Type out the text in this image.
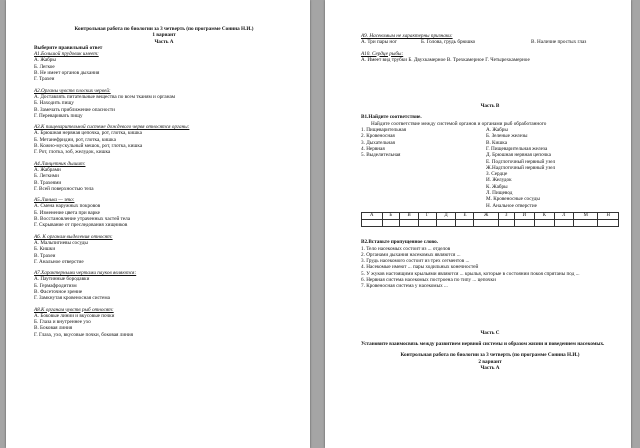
Контрольная работа по биологии за 3 четверть (по программе Сонина Н.И.)
1 вариант
Часть А
Выберите правильный ответ
А1.Большой прудовик имеет:
А. Жабры
Б. Легкое
В. Не имеет органов дыхания
Г. Трахеи
А2.Органы чувств плоских червей:
А. Доставлять питательные вещества по всем тканям и органам
Б. Находить пищу
В. Замечать приближение опасности
Г. Переваривать пищу
А3.К пищеварительной системе дождевого червя относятся органы:
А. Брюшная нервная цепочка, рот, глотка, кишка
Б. Метанефридии, рот, глотка, кишка
В. Кожно-мускульный мешок, рот, глотка, кишка
Г. Рот, глотка, зоб, желудок, кишка
А4.Ланцетник дышит:
А. Жабрами
Б. Легкими
В. Трахеями
Г. Всей поверхностью тела
А5.Линька — это:
А. Смена наружных покровов
Б. Изменение цвета при варке
В. Восстановление утраченных частей тела
Г. Скрывание от преследования хищников
А6. К органам выделения относят:
А. Мальпигиевы сосуды
Б. Кишки
В. Трахеи
Г. Анальное отверстие
А7.Характерными чертами пауков являются:
А. Паутинные бородавки
Б. Гермафродитизм
В. Фасеточное зрение
Г. Замкнутая кровеносная система
А8.К органам чувств рыб относят:
А. Боковые линии и вкусовые почки
Б. Глаза и внутреннее ухо
В. Боковая линия
Г. Глаза, ухо, вкусовые почки, боковая линия
А9. Насекомым не характерны признаки:
А. Три пары ног	Б. Голова, грудь брюшко	В. Наличие простых глаз
А10. Сердце рыбы:
А. Имеет вид трубки Б. Двухкамерное В. Трехкамерное Г. Четырехкамерное
Часть В
В1.Найдите соответствие.
Найдите соответствие между системой органов и органами рыб обработанного
1. Пищеварительная
2. Кровеносная
3. Дыхательная
4. Нервная
5. Выделительная
А. Жабры
Б. Зеленые железы
В. Кишка
Г. Пищеварительная железа
Д. Брюшная нервная цепочка
Е. Подглоточный нервный узел
Ж.Надглоточный нервный узел
З. Сердце
И. Желудок
К. Жабры
Л. Пищевод
М. Кровеносные сосуды
Н. Анальное отверстие
А	Б	В	Г	Д	Е	Ж	З	И	К	Л	М	Н

В2.Вставьте пропущенное слово.
1. Тело насекомых состоит из ... отделов
2. Органами дыхания насекомых являются ...
3. Грудь насекомого состоит из трех сегментов ...
4. Насекомые имеют ... пары ходильных конечностей
5. У жуков настоящими крыльями являются ... крылья, которые в состоянии покоя спрятаны под ...
6. Нервная система насекомых построена по типу ... цепочки
7. Кровеносная система у насекомых ...
Часть С
Установите взаимосвязь между развитием нервной системы и образом жизни и поведением насекомых.
Контрольная работа по биологии за 3 четверть (по программе Сонина Н.И.)
2 вариант
Часть А
